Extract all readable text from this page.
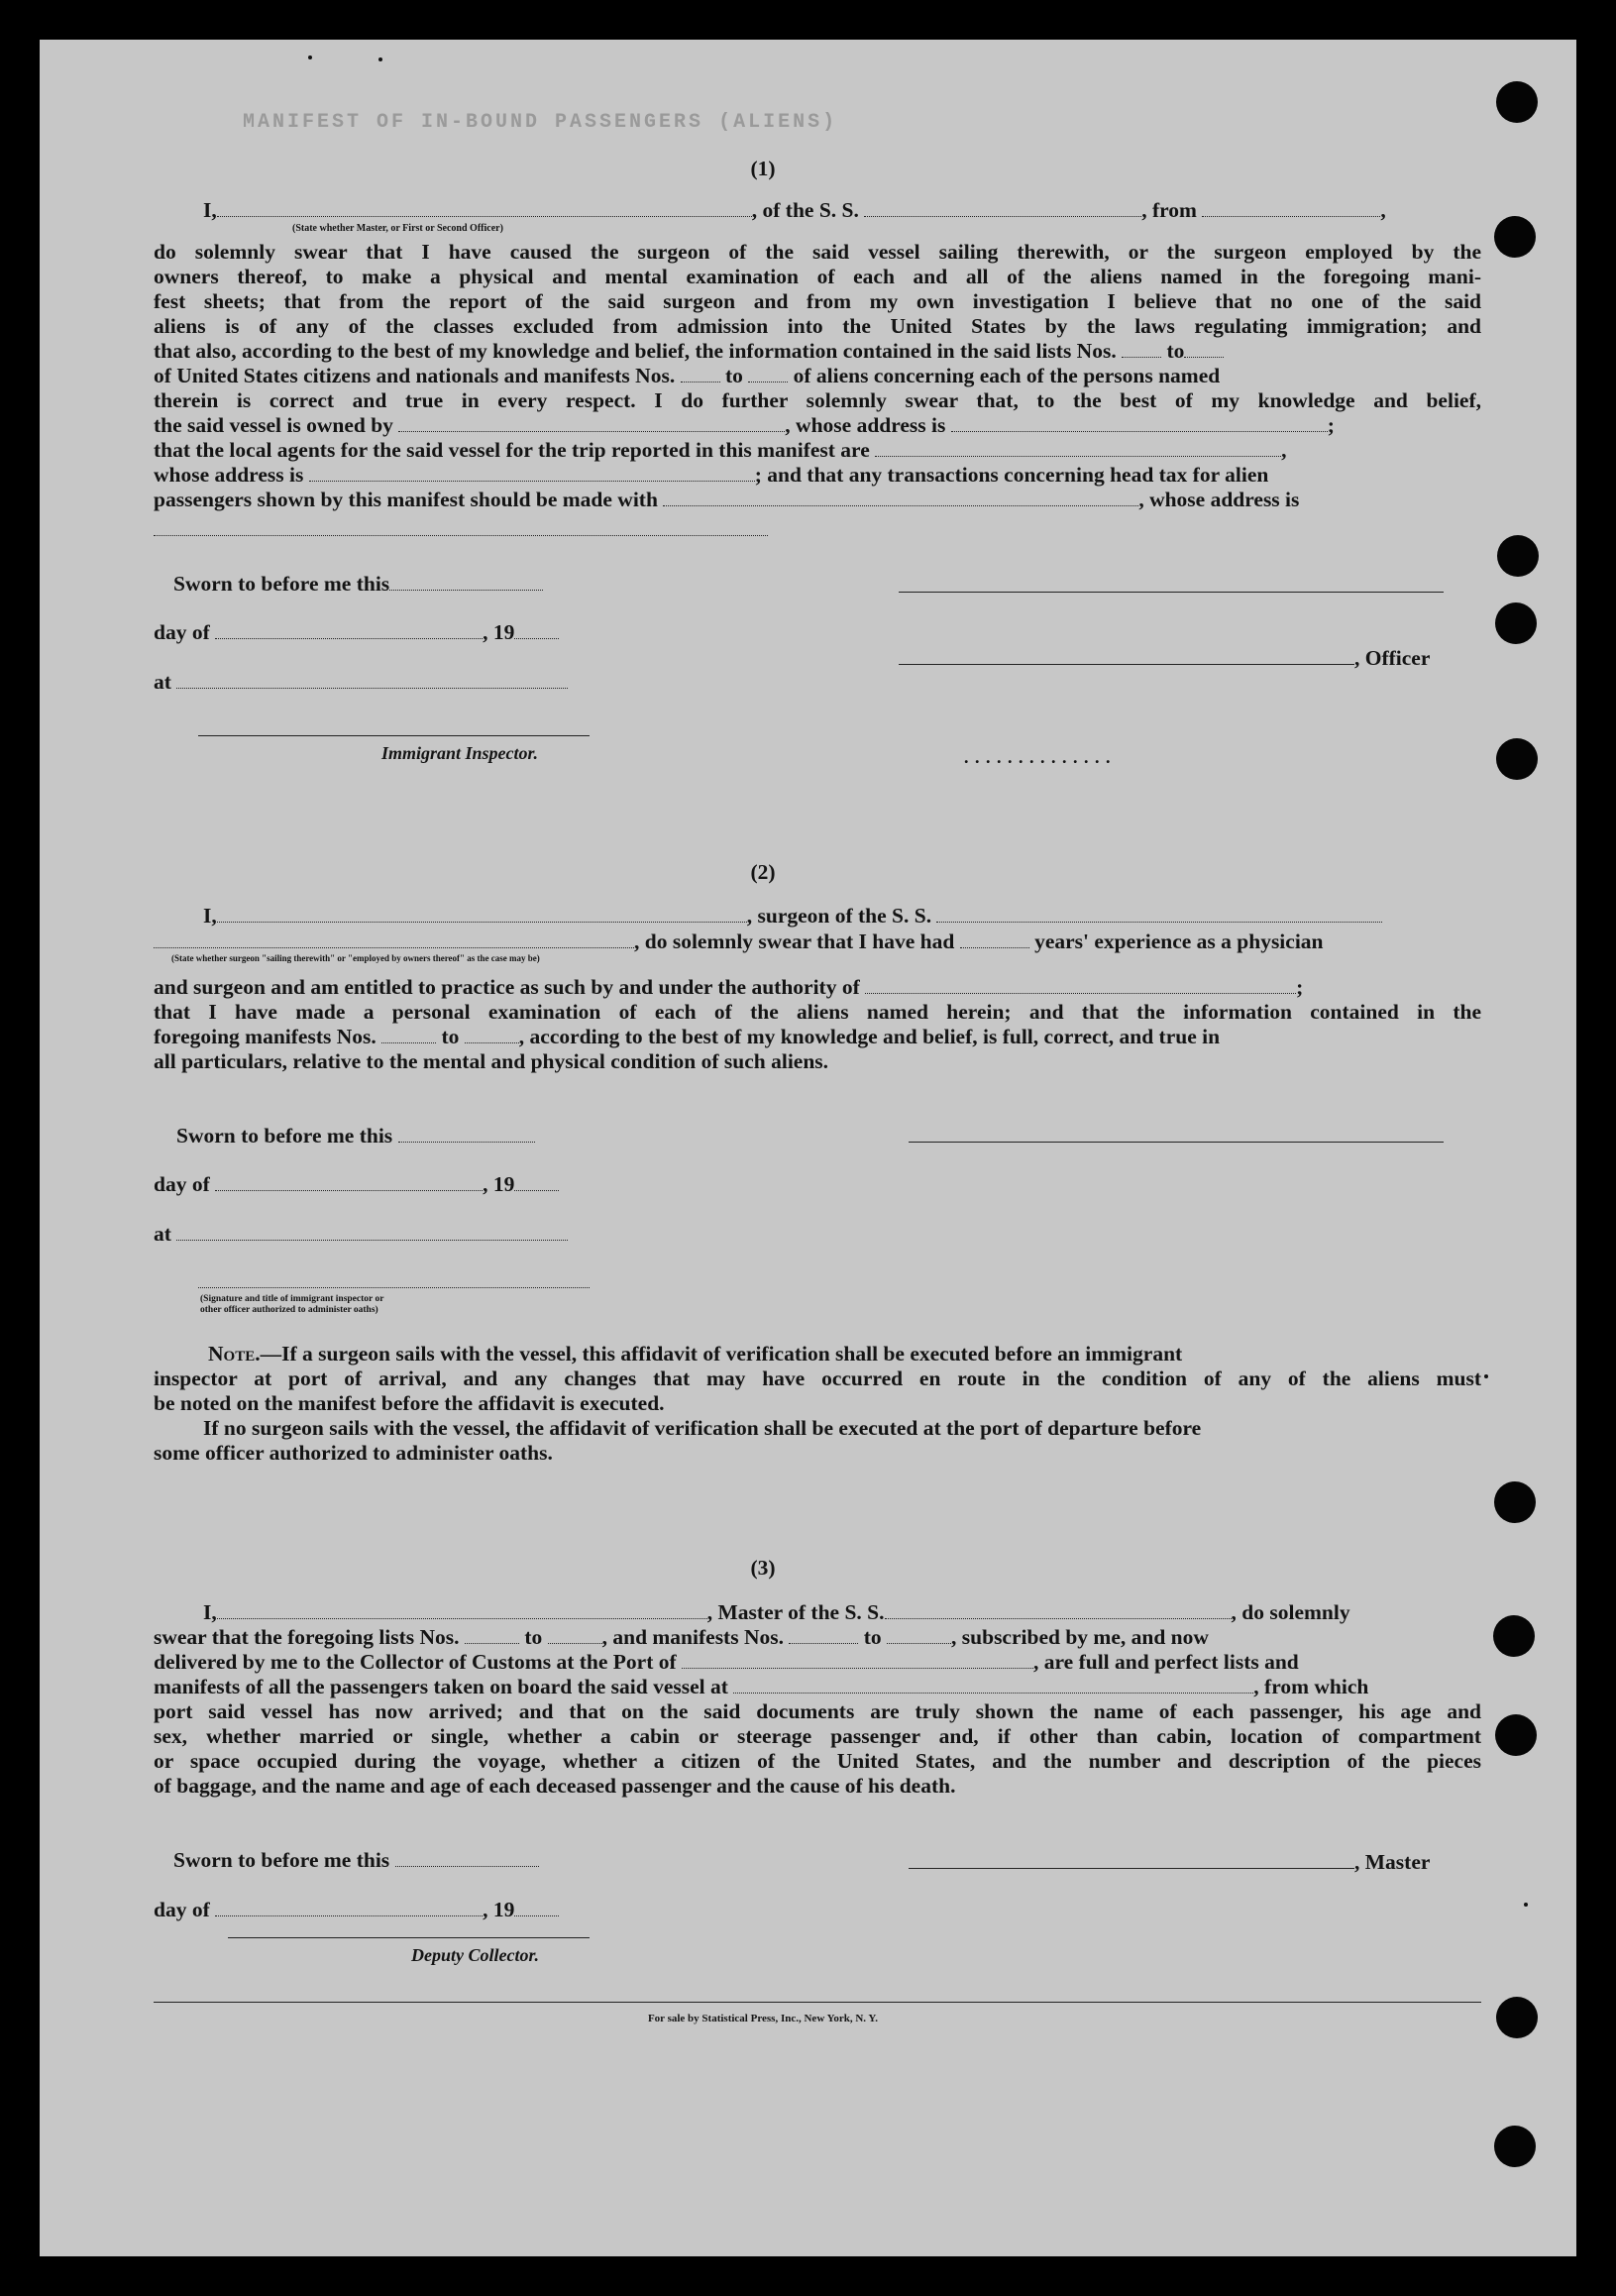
MANIFEST OF IN-BOUND PASSENGERS (ALIENS)
(1)
I,	, of the S. S.	, from	,
(State whether Master, or First or Second Officer)
do solemnly swear that I have caused the surgeon of the said vessel sailing therewith, or the surgeon employed by the
owners thereof, to make a physical and mental examination of each and all of the aliens named in the foregoing mani-
fest sheets; that from the report of the said surgeon and from my own investigation I believe that no one of the said
aliens is of any of the classes excluded from admission into the United States by the laws regulating immigration; and
that also, according to the best of my knowledge and belief, the information contained in the said lists Nos. to
of United States citizens and nationals and manifests Nos. to of aliens concerning each of the persons named
therein is correct and true in every respect. I do further solemnly swear that, to the best of my knowledge and belief,
the said vessel is owned by	, whose address is	;
that the local agents for the said vessel for the trip reported in this manifest are	,
whose address is	; and that any transactions concerning head tax for alien
passengers shown by this manifest should be made with	, whose address is
Sworn to before me this
day of	, 19
at
Immigrant Inspector.
, Officer
. . . . . . . . . . . . . .
(2)
I,	, surgeon of the S. S.
, do solemnly swear that I have had	years' experience as a physician
(State whether surgeon "sailing therewith" or "employed by owners thereof" as the case may be)
and surgeon and am entitled to practice as such by and under the authority of	;
that I have made a personal examination of each of the aliens named herein; and that the information contained in the
foregoing manifests Nos.	to	, according to the best of my knowledge and belief, is full, correct, and true in
all particulars, relative to the mental and physical condition of such aliens.
Sworn to before me this
day of	, 19
at
(Signature and title of immigrant inspector or
other officer authorized to administer oaths)
Note.—If a surgeon sails with the vessel, this affidavit of verification shall be executed before an immigrant
inspector at port of arrival, and any changes that may have occurred en route in the condition of any of the aliens must
be noted on the manifest before the affidavit is executed.
If no surgeon sails with the vessel, the affidavit of verification shall be executed at the port of departure before
some officer authorized to administer oaths.
(3)
I,	, Master of the S. S.	, do solemnly
swear that the foregoing lists Nos.	to	, and manifests Nos.	to	, subscribed by me, and now
delivered by me to the Collector of Customs at the Port of	, are full and perfect lists and
manifests of all the passengers taken on board the said vessel at	, from which
port said vessel has now arrived; and that on the said documents are truly shown the name of each passenger, his age and
sex, whether married or single, whether a cabin or steerage passenger and, if other than cabin, location of compartment
or space occupied during the voyage, whether a citizen of the United States, and the number and description of the pieces
of baggage, and the name and age of each deceased passenger and the cause of his death.
Sworn to before me this	, Master
day of	, 19
Deputy Collector.
For sale by Statistical Press, Inc., New York, N. Y.
